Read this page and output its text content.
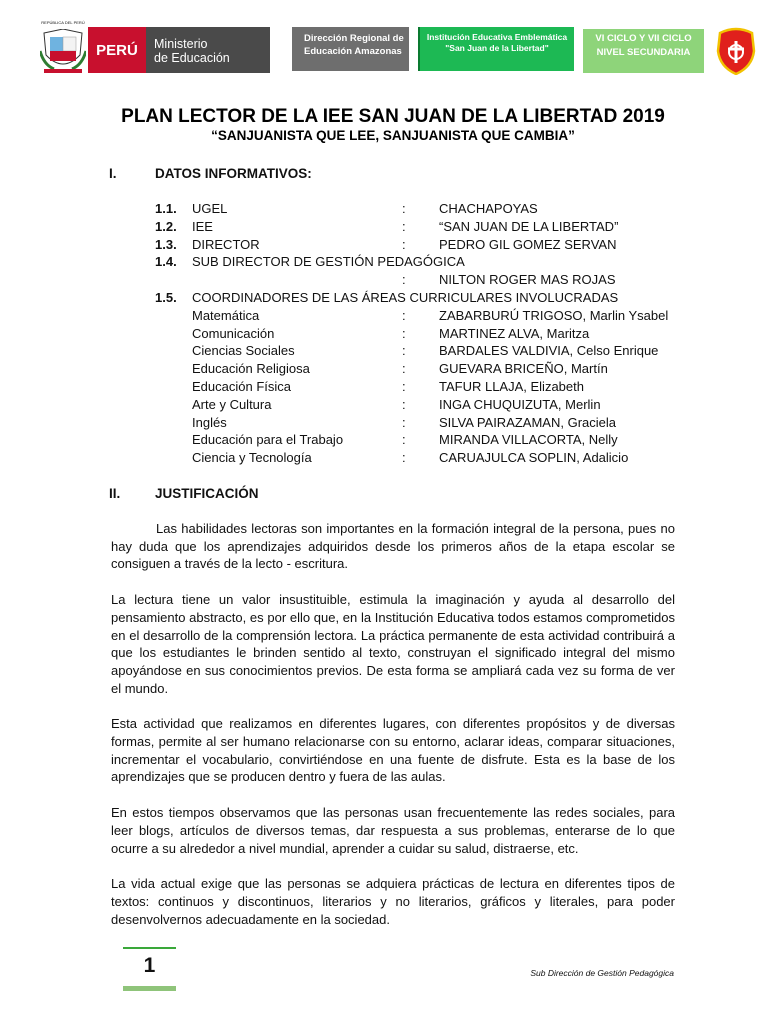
REPÚBLICA DEL PERÚ
PERÚ Ministerio
de Educación
Dirección Regional de
Educación Amazonas
Institución Educativa Emblemática
"San Juan de la Libertad"
VI CICLO Y VII CICLO
NIVEL SECUNDARIA
PLAN LECTOR DE LA IEE SAN JUAN DE LA LIBERTAD 2019
“SANJUANISTA QUE LEE, SANJUANISTA QUE CAMBIA”
I.	DATOS INFORMATIVOS:
1.1. UGEL	:	CHACHAPOYAS
1.2. IEE	:	“SAN JUAN DE LA LIBERTAD”
1.3. DIRECTOR	:	PEDRO GIL GOMEZ SERVAN
1.4. SUB DIRECTOR DE GESTIÓN PEDAGÓGICA
:	NILTON ROGER MAS ROJAS
1.5. COORDINADORES DE LAS ÁREAS CURRICULARES INVOLUCRADAS
Matemática	:	ZABARBURÚ TRIGOSO, Marlin Ysabel
Comunicación	:	MARTINEZ ALVA, Maritza
Ciencias Sociales	:	BARDALES VALDIVIA, Celso Enrique
Educación Religiosa	:	GUEVARA BRICEÑO, Martín
Educación Física	:	TAFUR LLAJA, Elizabeth
Arte y Cultura	:	INGA CHUQUIZUTA, Merlin
Inglés	:	SILVA PAIRAZAMAN, Graciela
Educación para el Trabajo	:	MIRANDA VILLACORTA, Nelly
Ciencia y Tecnología	:	CARUAJULCA SOPLIN, Adalicio
II.	JUSTIFICACIÓN

Las habilidades lectoras son importantes en la formación integral de la persona, pues no hay duda que los aprendizajes adquiridos desde los primeros años de la etapa escolar se consiguen a través de la lecto - escritura.

La lectura tiene un valor insustituible, estimula la imaginación y ayuda al desarrollo del pensamiento abstracto, es por ello que, en la Institución Educativa todos estamos comprometidos en el desarrollo de la comprensión lectora. La práctica permanente de esta actividad contribuirá a que los estudiantes le brinden sentido al texto, construyan el significado integral del mismo apoyándose en sus conocimientos previos. De esta forma se ampliará cada vez su forma de ver el mundo.

Esta actividad que realizamos en diferentes lugares, con diferentes propósitos y de diversas formas, permite al ser humano relacionarse con su entorno, aclarar ideas, comparar situaciones, incrementar el vocabulario, convirtiéndose en una fuente de disfrute. Esta es la base de los aprendizajes que se producen dentro y fuera de las aulas.

En estos tiempos observamos que las personas usan frecuentemente las redes sociales, para leer blogs, artículos de diversos temas, dar respuesta a sus problemas, enterarse de lo que ocurre a su alrededor a nivel mundial, aprender a cuidar su salud, distraerse, etc.

La vida actual exige que las personas se adquiera prácticas de lectura en diferentes tipos de textos: continuos y discontinuos, literarios y no literarios, gráficos y literales, para poder desenvolvernos adecuadamente en la sociedad.

1	Sub Dirección de Gestión Pedagógica
